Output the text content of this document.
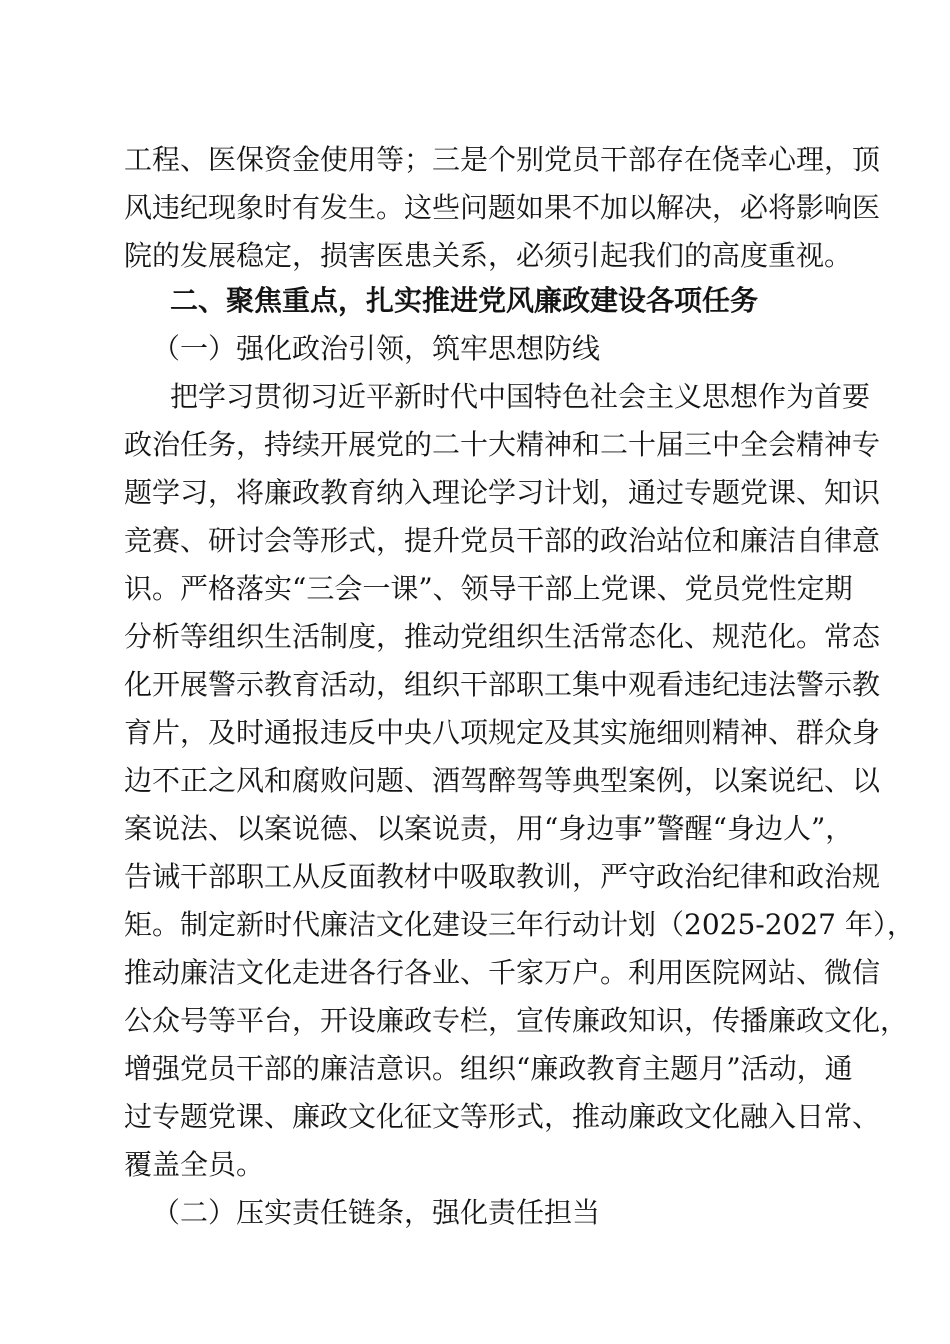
工程、医保资金使用等；三是个别党员干部存在侥幸心理，顶
风违纪现象时有发生。这些问题如果不加以解决，必将影响医
院的发展稳定，损害医患关系，必须引起我们的高度重视。
二、聚焦重点，扎实推进党风廉政建设各项任务
（一）强化政治引领，筑牢思想防线
把学习贯彻习近平新时代中国特色社会主义思想作为首要
政治任务，持续开展党的二十大精神和二十届三中全会精神专
题学习，将廉政教育纳入理论学习计划，通过专题党课、知识
竞赛、研讨会等形式，提升党员干部的政治站位和廉洁自律意
识。严格落实“三会一课”、领导干部上党课、党员党性定期
分析等组织生活制度，推动党组织生活常态化、规范化。常态
化开展警示教育活动，组织干部职工集中观看违纪违法警示教
育片，及时通报违反中央八项规定及其实施细则精神、群众身
边不正之风和腐败问题、酒驾醉驾等典型案例，以案说纪、以
案说法、以案说德、以案说责，用“身边事”警醒“身边人”，
告诫干部职工从反面教材中吸取教训，严守政治纪律和政治规
矩。制定新时代廉洁文化建设三年行动计划（2025-2027 年），
推动廉洁文化走进各行各业、千家万户。利用医院网站、微信
公众号等平台，开设廉政专栏，宣传廉政知识，传播廉政文化，
增强党员干部的廉洁意识。组织“廉政教育主题月”活动，通
过专题党课、廉政文化征文等形式，推动廉政文化融入日常、
覆盖全员。
（二）压实责任链条，强化责任担当
